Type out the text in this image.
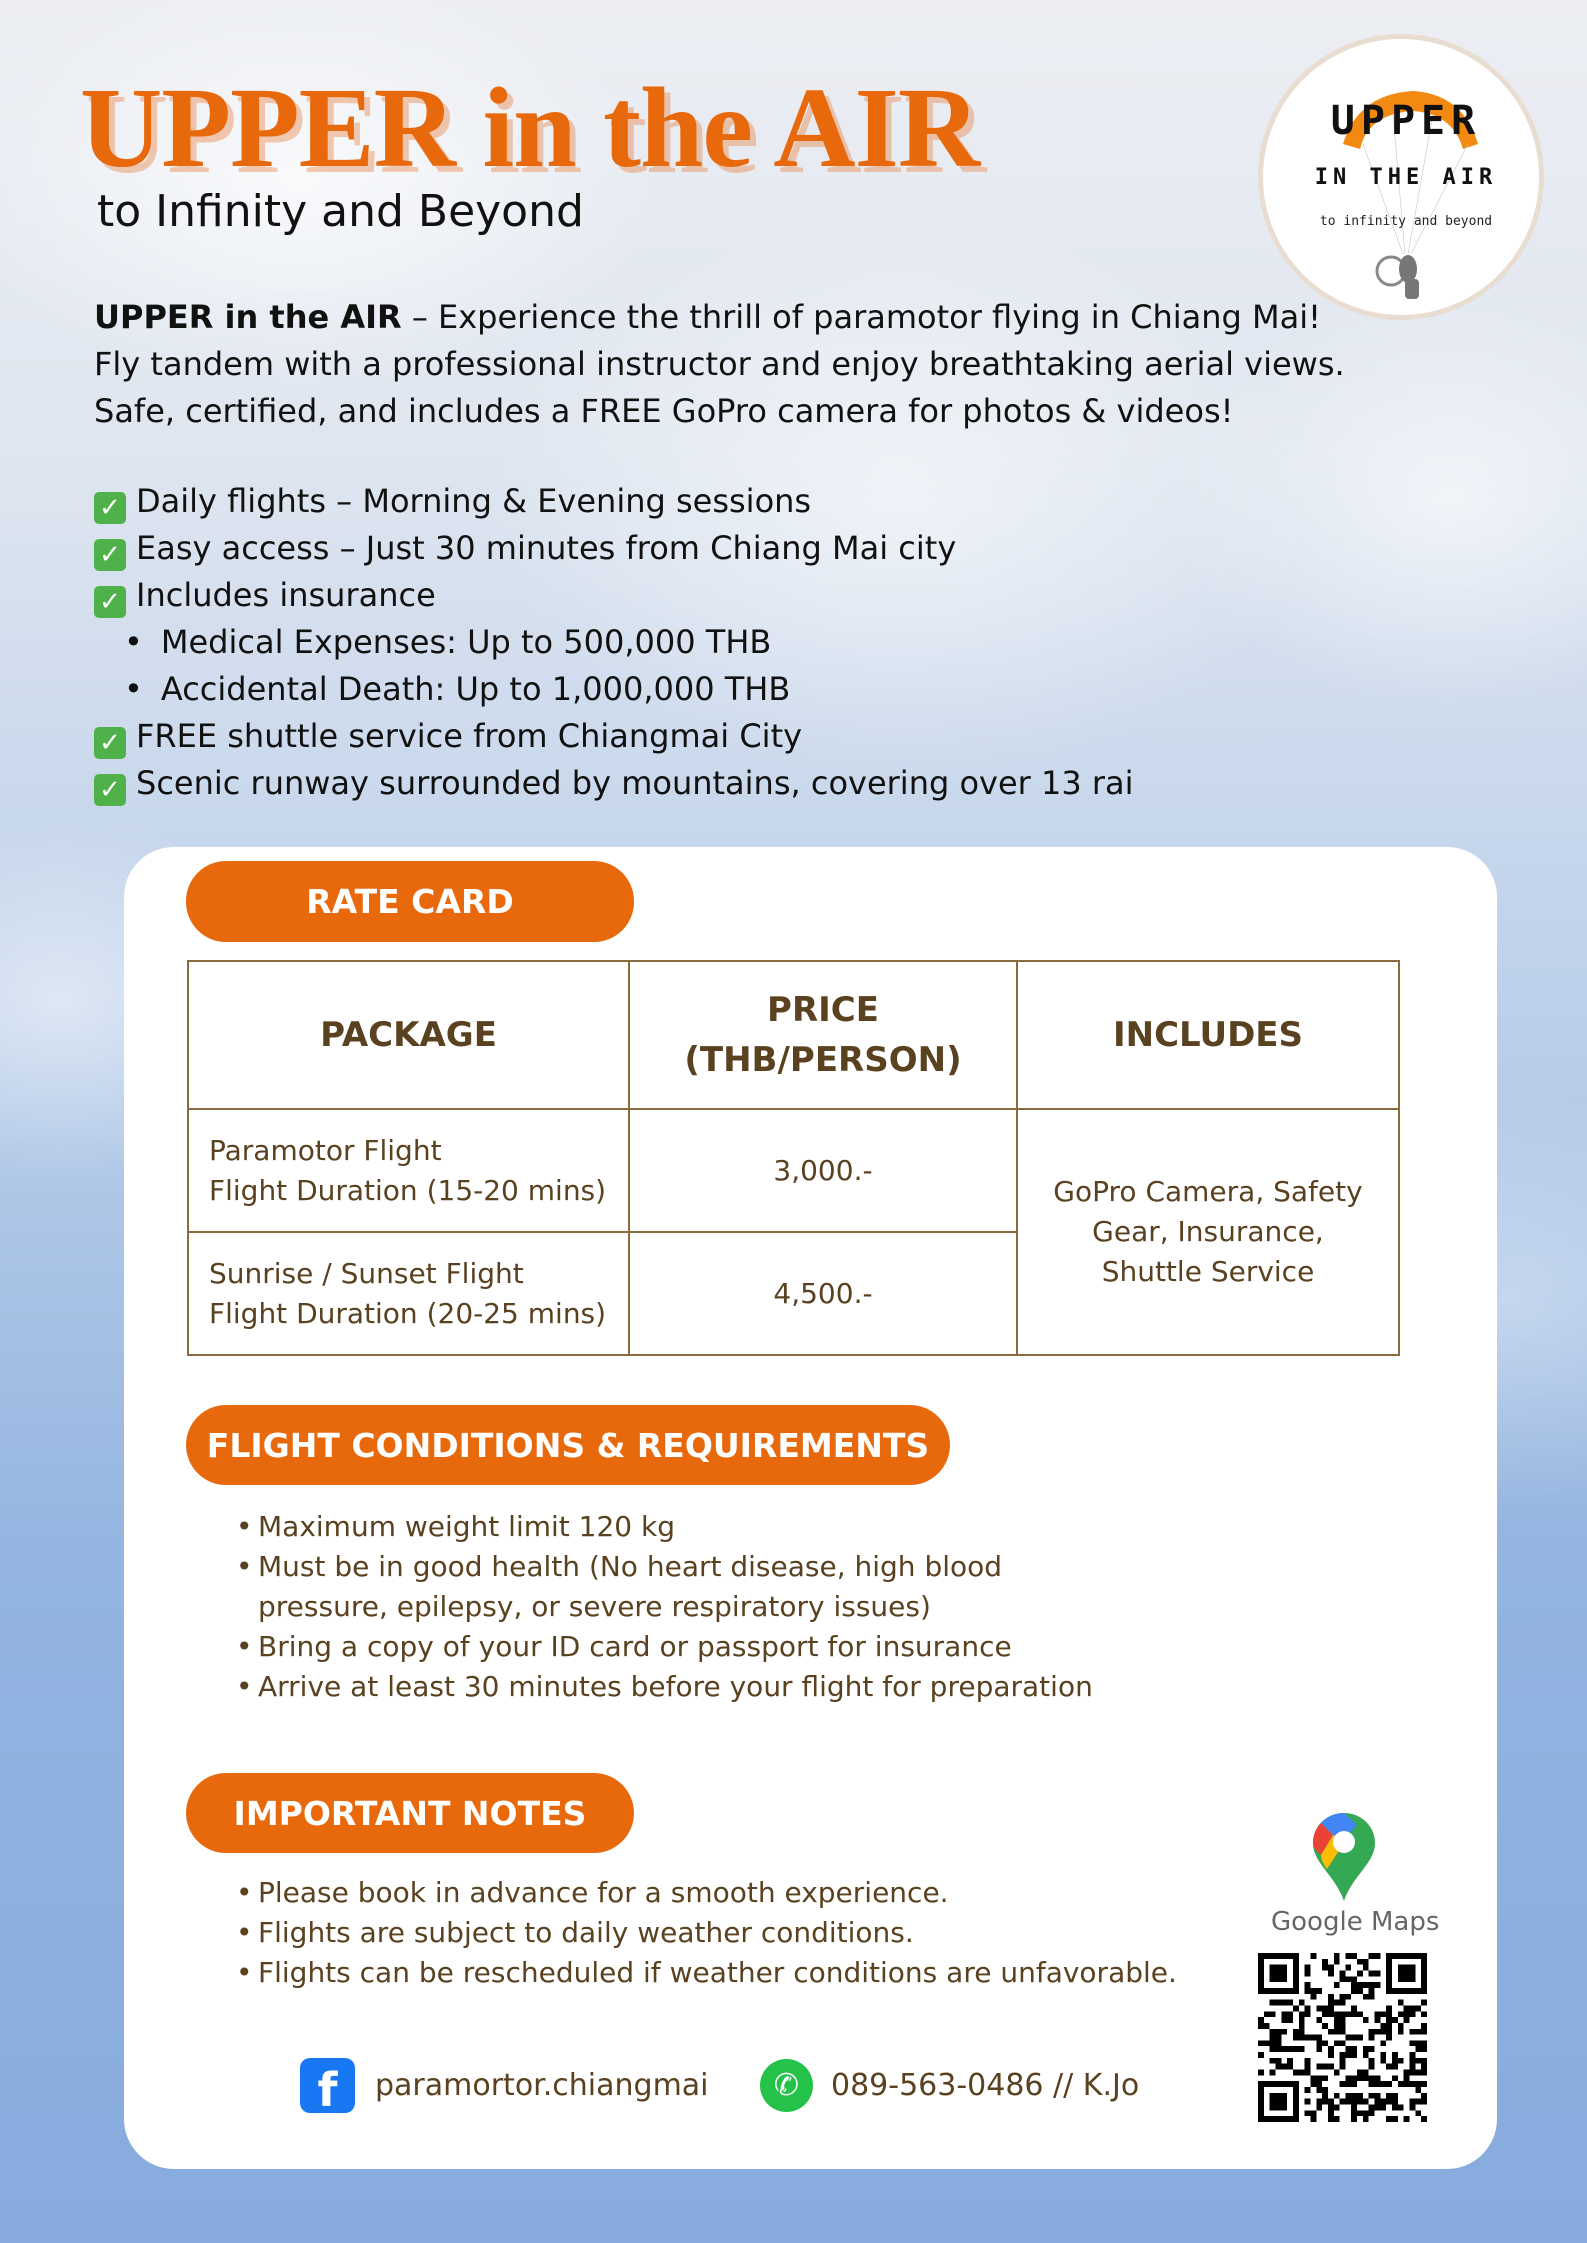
UPPER in the AIR
to Infinity and Beyond
UPPER
IN THE AIR
to infinity and beyond
UPPER in the AIR – Experience the thrill of paramotor flying in Chiang Mai!
Fly tandem with a professional instructor and enjoy breathtaking aerial views.
Safe, certified, and includes a FREE GoPro camera for photos & videos!
✓ Daily flights – Morning & Evening sessions
✓ Easy access – Just 30 minutes from Chiang Mai city
✓ Includes insurance
• Medical Expenses: Up to 500,000 THB
• Accidental Death: Up to 1,000,000 THB
✓ FREE shuttle service from Chiangmai City
✓ Scenic runway surrounded by mountains, covering over 13 rai
RATE CARD
PACKAGE	PRICE (THB/PERSON)	INCLUDES

Paramotor Flight
Flight Duration (15-20 mins)	3,000.-	GoPro Camera, Safety Gear, Insurance, Shuttle Service

Sunrise / Sunset Flight
Flight Duration (20-25 mins)	4,500.-	
FLIGHT CONDITIONS & REQUIREMENTS
• Maximum weight limit 120 kg
• Must be in good health (No heart disease, high blood pressure, epilepsy, or severe respiratory issues)
• Bring a copy of your ID card or passport for insurance
• Arrive at least 30 minutes before your flight for preparation
IMPORTANT NOTES
• Please book in advance for a smooth experience.
• Flights are subject to daily weather conditions.
• Flights can be rescheduled if weather conditions are unfavorable.
f	paramortor.chiangmai	✆	089-563-0486 // K.Jo
Google Maps
